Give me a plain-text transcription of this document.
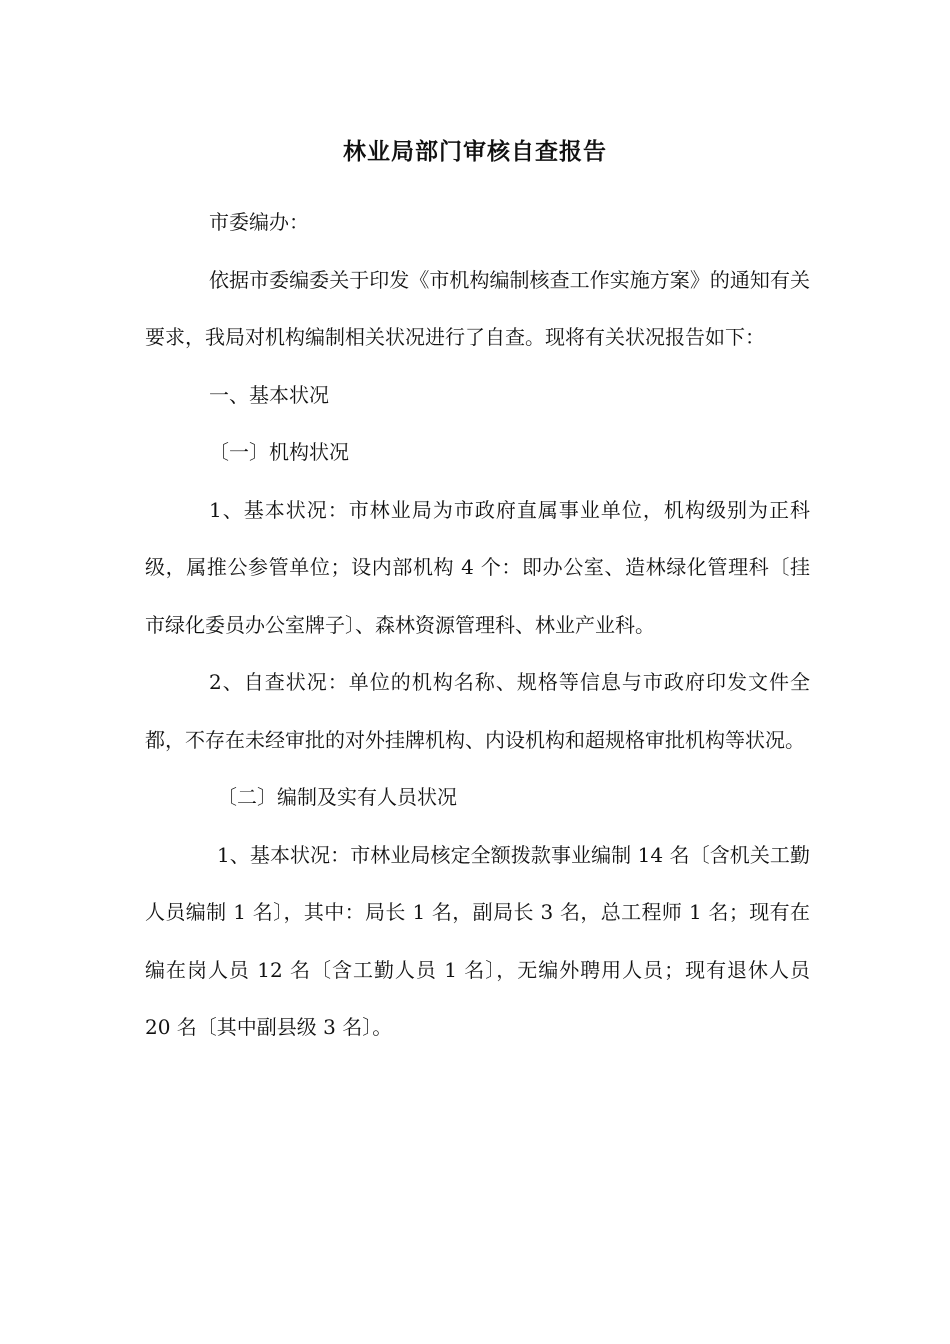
林业局部门审核自查报告

市委编办：

依据市委编委关于印发《市机构编制核查工作实施方案》的通知有关要求，我局对机构编制相关状况进行了自查。现将有关状况报告如下：

一、基本状况

〔一〕机构状况

1、基本状况：市林业局为市政府直属事业单位，机构级别为正科级，属推公参管单位；设内部机构 4 个：即办公室、造林绿化管理科〔挂市绿化委员办公室牌子〕、森林资源管理科、林业产业科。

2、自查状况：单位的机构名称、规格等信息与市政府印发文件全都，不存在未经审批的对外挂牌机构、内设机构和超规格审批机构等状况。

〔二〕编制及实有人员状况

1、基本状况：市林业局核定全额拨款事业编制 14 名〔含机关工勤人员编制 1 名〕，其中：局长 1 名，副局长 3 名，总工程师 1 名；现有在编在岗人员 12 名〔含工勤人员 1 名〕，无编外聘用人员；现有退休人员 20 名〔其中副县级 3 名〕。
